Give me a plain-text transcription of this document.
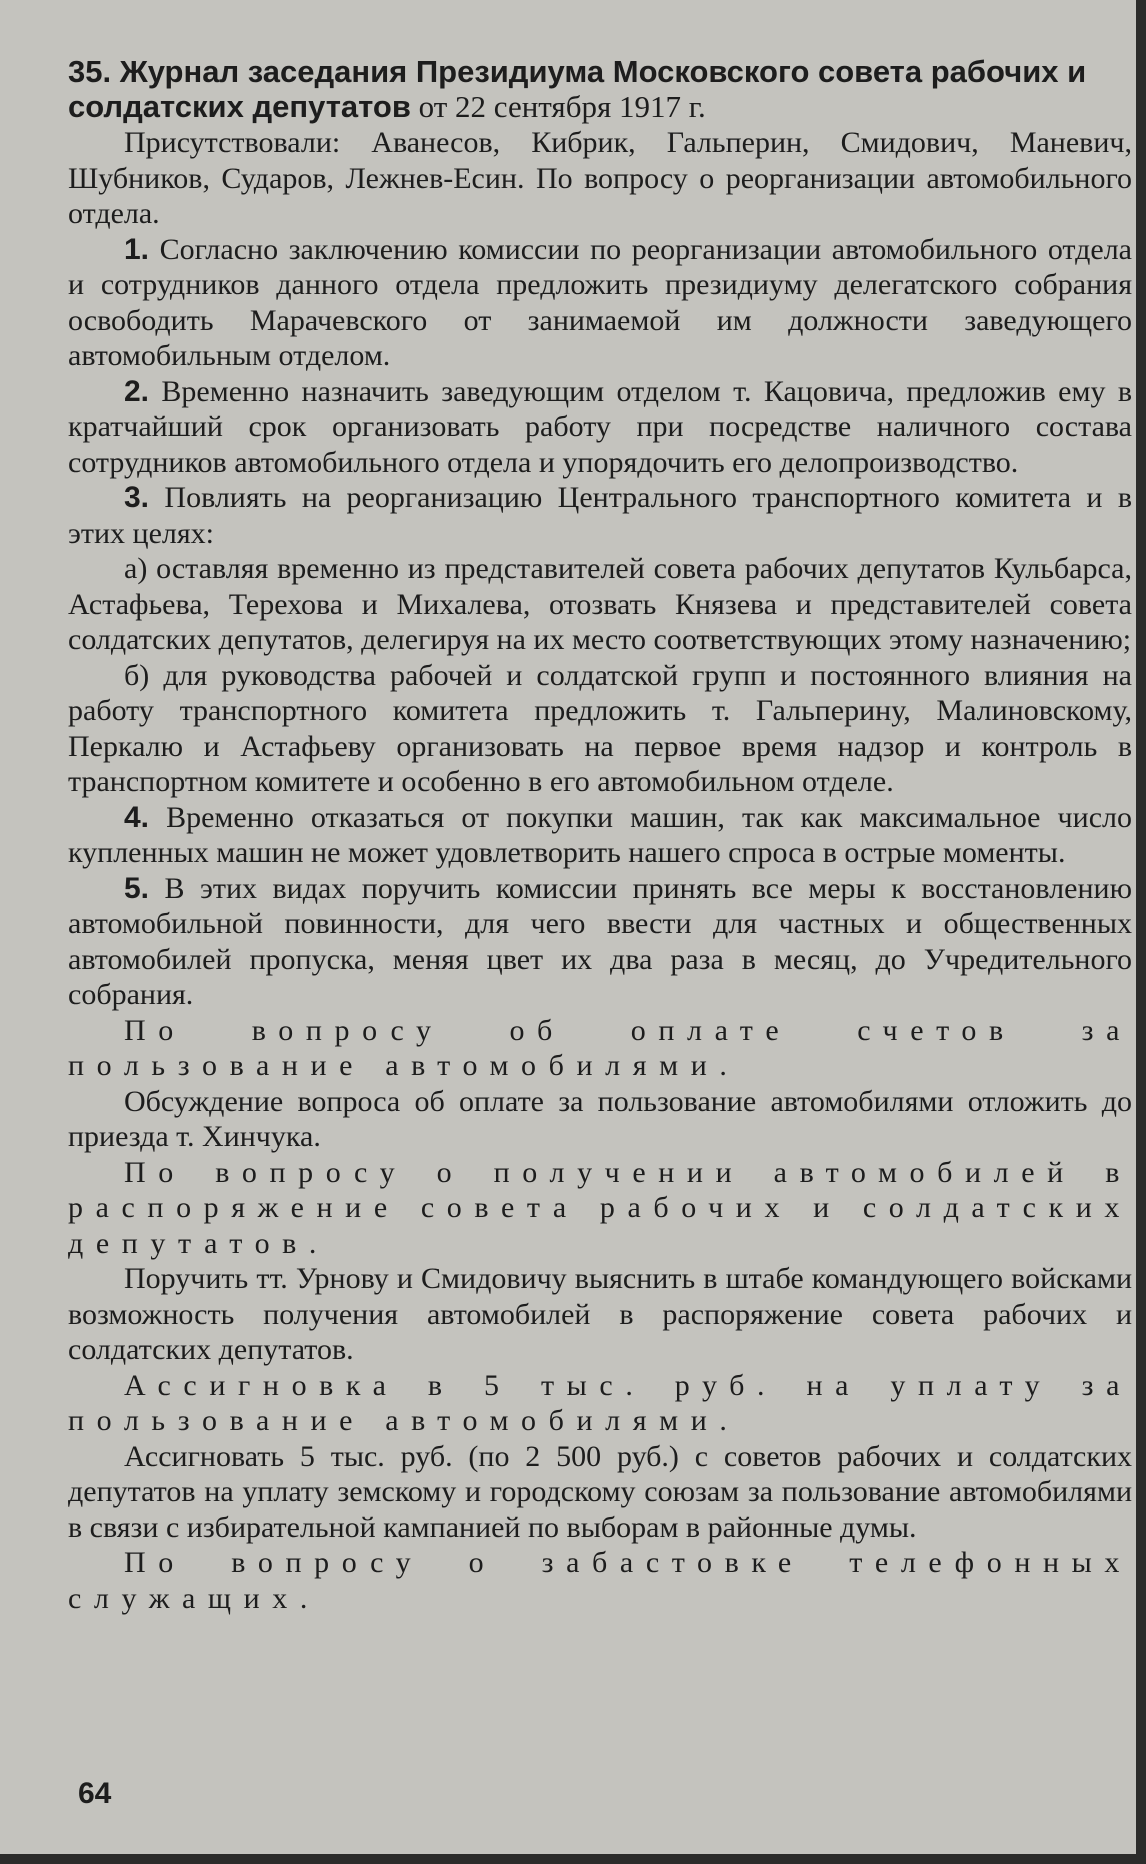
35. Журнал заседания Президиума Московского совета рабочих и солдатских депутатов от 22 сентября 1917 г.

Присутствовали: Аванесов, Кибрик, Гальперин, Смидович, Маневич, Шубников, Сударов, Лежнев-Есин. По вопросу о реорганизации автомобильного отдела.

1. Согласно заключению комиссии по реорганизации автомобильного отдела и сотрудников данного отдела предложить президиуму делегатского собрания освободить Марачевского от занимаемой им должности заведующего автомобильным отделом.

2. Временно назначить заведующим отделом т. Кацовича, предложив ему в кратчайший срок организовать работу при посредстве наличного состава сотрудников автомобильного отдела и упорядочить его делопроизводство.

3. Повлиять на реорганизацию Центрального транспортного комитета и в этих целях:

а) оставляя временно из представителей совета рабочих депутатов Кульбарса, Астафьева, Терехова и Михалева, отозвать Князева и представителей совета солдатских депутатов, делегируя на их место соответствующих этому назначению;

б) для руководства рабочей и солдатской групп и постоянного влияния на работу транспортного комитета предложить т. Гальперину, Малиновскому, Перкалю и Астафьеву организовать на первое время надзор и контроль в транспортном комитете и особенно в его автомобильном отделе.

4. Временно отказаться от покупки машин, так как максимальное число купленных машин не может удовлетворить нашего спроса в острые моменты.

5. В этих видах поручить комиссии принять все меры к восстановлению автомобильной повинности, для чего ввести для частных и общественных автомобилей пропуска, меняя цвет их два раза в месяц, до Учредительного собрания.

По вопросу об оплате счетов за пользование автомобилями.

Обсуждение вопроса об оплате за пользование автомобилями отложить до приезда т. Хинчука.

По вопросу о получении автомобилей в распоряжение совета рабочих и солдатских депутатов.

Поручить тт. Урнову и Смидовичу выяснить в штабе командующего войсками возможность получения автомобилей в распоряжение совета рабочих и солдатских депутатов.

Ассигновка в 5 тыс. руб. на уплату за пользование автомобилями.

Ассигновать 5 тыс. руб. (по 2 500 руб.) с советов рабочих и солдатских депутатов на уплату земскому и городскому союзам за пользование автомобилями в связи с избирательной кампанией по выборам в районные думы.

По вопросу о забастовке телефонных служащих.

64
